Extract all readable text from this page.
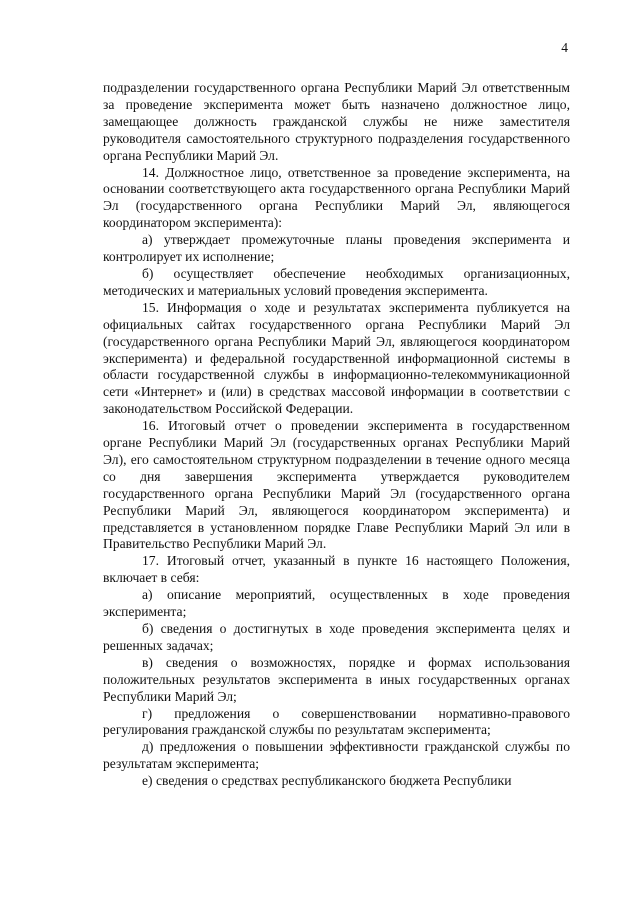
4

подразделении государственного органа Республики Марий Эл ответственным за проведение эксперимента может быть назначено должностное лицо, замещающее должность гражданской службы не ниже заместителя руководителя самостоятельного структурного подразделения государственного органа Республики Марий Эл.

14. Должностное лицо, ответственное за проведение эксперимента, на основании соответствующего акта государственного органа Республики Марий Эл (государственного органа Республики Марий Эл, являющегося координатором эксперимента):

а) утверждает промежуточные планы проведения эксперимента и контролирует их исполнение;

б) осуществляет обеспечение необходимых организационных, методических и материальных условий проведения эксперимента.

15. Информация о ходе и результатах эксперимента публикуется на официальных сайтах государственного органа Республики Марий Эл (государственного органа Республики Марий Эл, являющегося координатором эксперимента) и федеральной государственной информационной системы в области государственной службы в информационно-телекоммуникационной сети «Интернет» и (или) в средствах массовой информации в соответствии с законодательством Российской Федерации.

16. Итоговый отчет о проведении эксперимента в государственном органе Республики Марий Эл (государственных органах Республики Марий Эл), его самостоятельном структурном подразделении в течение одного месяца со дня завершения эксперимента утверждается руководителем государственного органа Республики Марий Эл (государственного органа Республики Марий Эл, являющегося координатором эксперимента) и представляется в установленном порядке Главе Республики Марий Эл или в Правительство Республики Марий Эл.

17. Итоговый отчет, указанный в пункте 16 настоящего Положения, включает в себя:

а) описание мероприятий, осуществленных в ходе проведения эксперимента;

б) сведения о достигнутых в ходе проведения эксперимента целях и решенных задачах;

в) сведения о возможностях, порядке и формах использования положительных результатов эксперимента в иных государственных органах Республики Марий Эл;

г) предложения о совершенствовании нормативно-правового регулирования гражданской службы по результатам эксперимента;

д) предложения о повышении эффективности гражданской службы по результатам эксперимента;

е) сведения о средствах республиканского бюджета Республики
